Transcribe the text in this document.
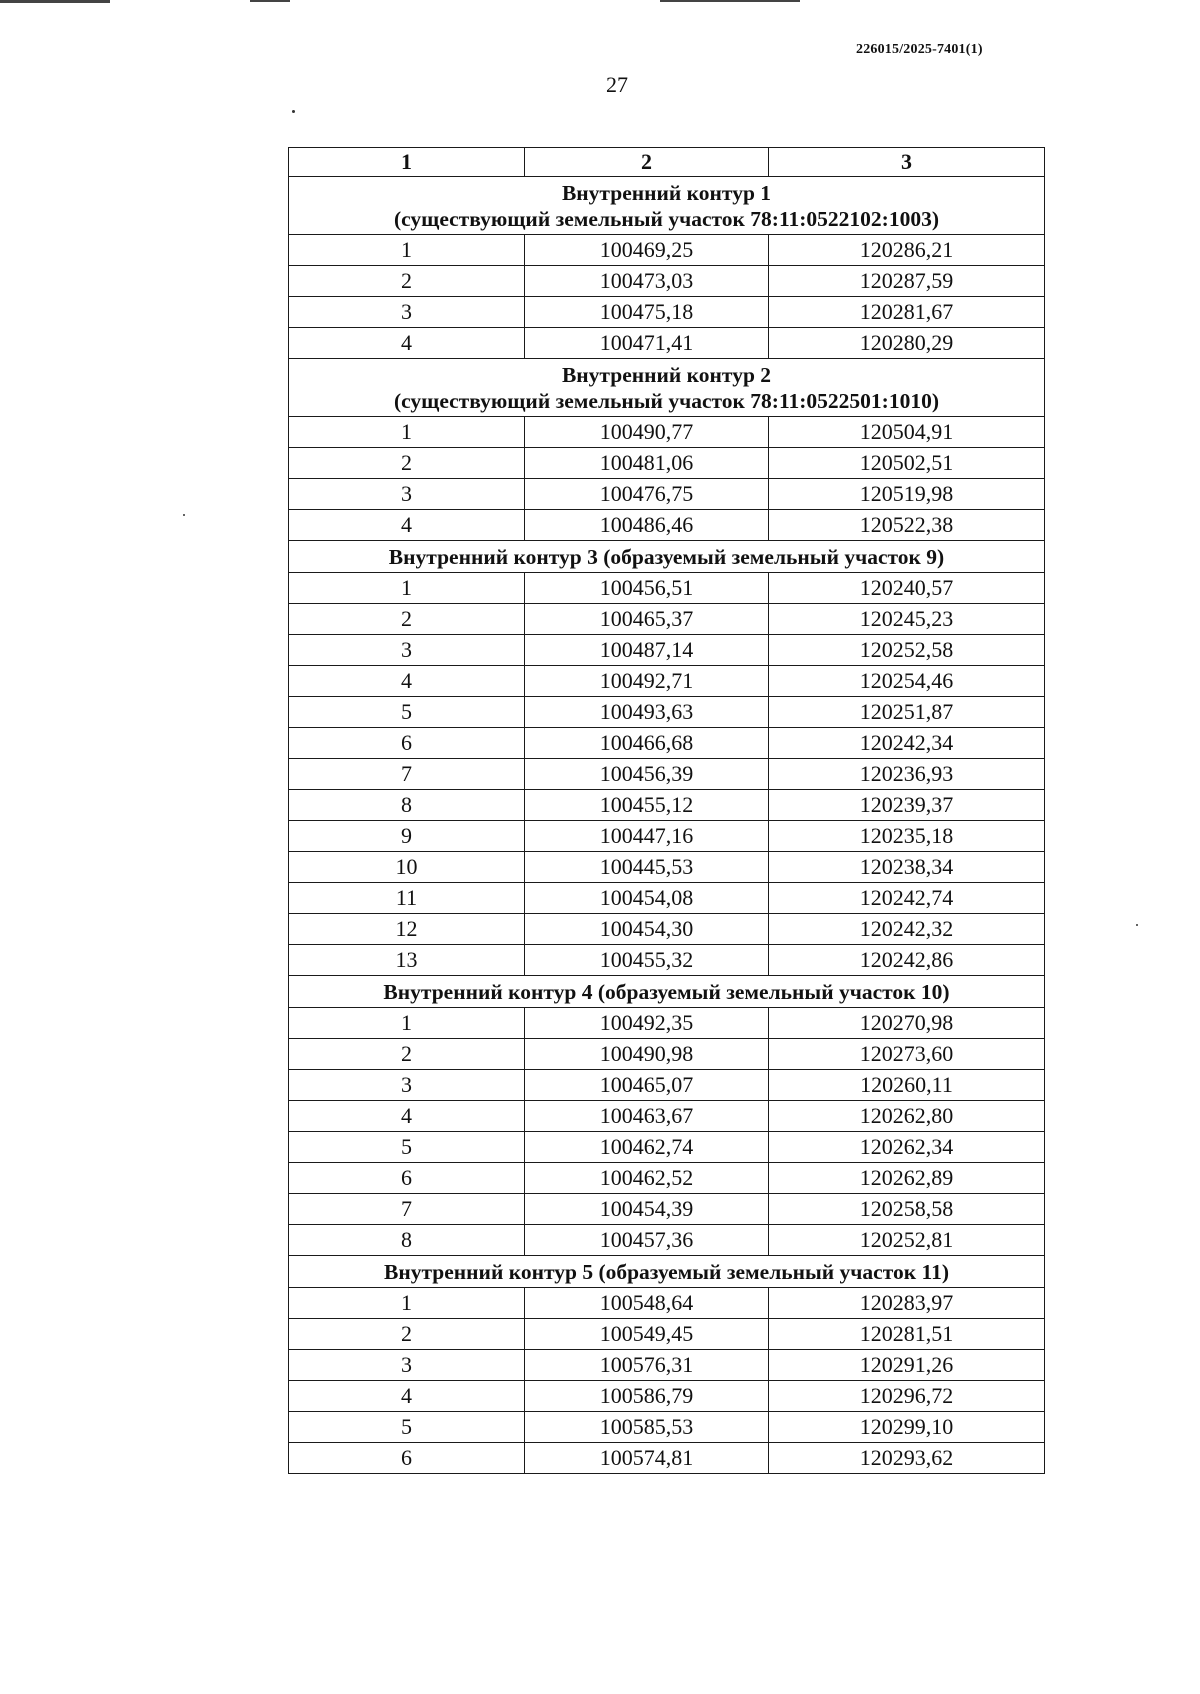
226015/2025-7401(1)
27
1	2	3

Внутренний контур 1
(существующий земельный участок 78:11:0522102:1003)		

1	100469,25	120286,21
2	100473,03	120287,59
3	100475,18	120281,67
4	100471,41	120280,29

Внутренний контур 2
(существующий земельный участок 78:11:0522501:1010)		

1	100490,77	120504,91
2	100481,06	120502,51
3	100476,75	120519,98
4	100486,46	120522,38

Внутренний контур 3 (образуемый земельный участок 9)		

1	100456,51	120240,57
2	100465,37	120245,23
3	100487,14	120252,58
4	100492,71	120254,46
5	100493,63	120251,87
6	100466,68	120242,34
7	100456,39	120236,93
8	100455,12	120239,37
9	100447,16	120235,18
10	100445,53	120238,34
11	100454,08	120242,74
12	100454,30	120242,32
13	100455,32	120242,86

Внутренний контур 4 (образуемый земельный участок 10)		

1	100492,35	120270,98
2	100490,98	120273,60
3	100465,07	120260,11
4	100463,67	120262,80
5	100462,74	120262,34
6	100462,52	120262,89
7	100454,39	120258,58
8	100457,36	120252,81

Внутренний контур 5 (образуемый земельный участок 11)		

1	100548,64	120283,97
2	100549,45	120281,51
3	100576,31	120291,26
4	100586,79	120296,72
5	100585,53	120299,10
6	100574,81	120293,62
